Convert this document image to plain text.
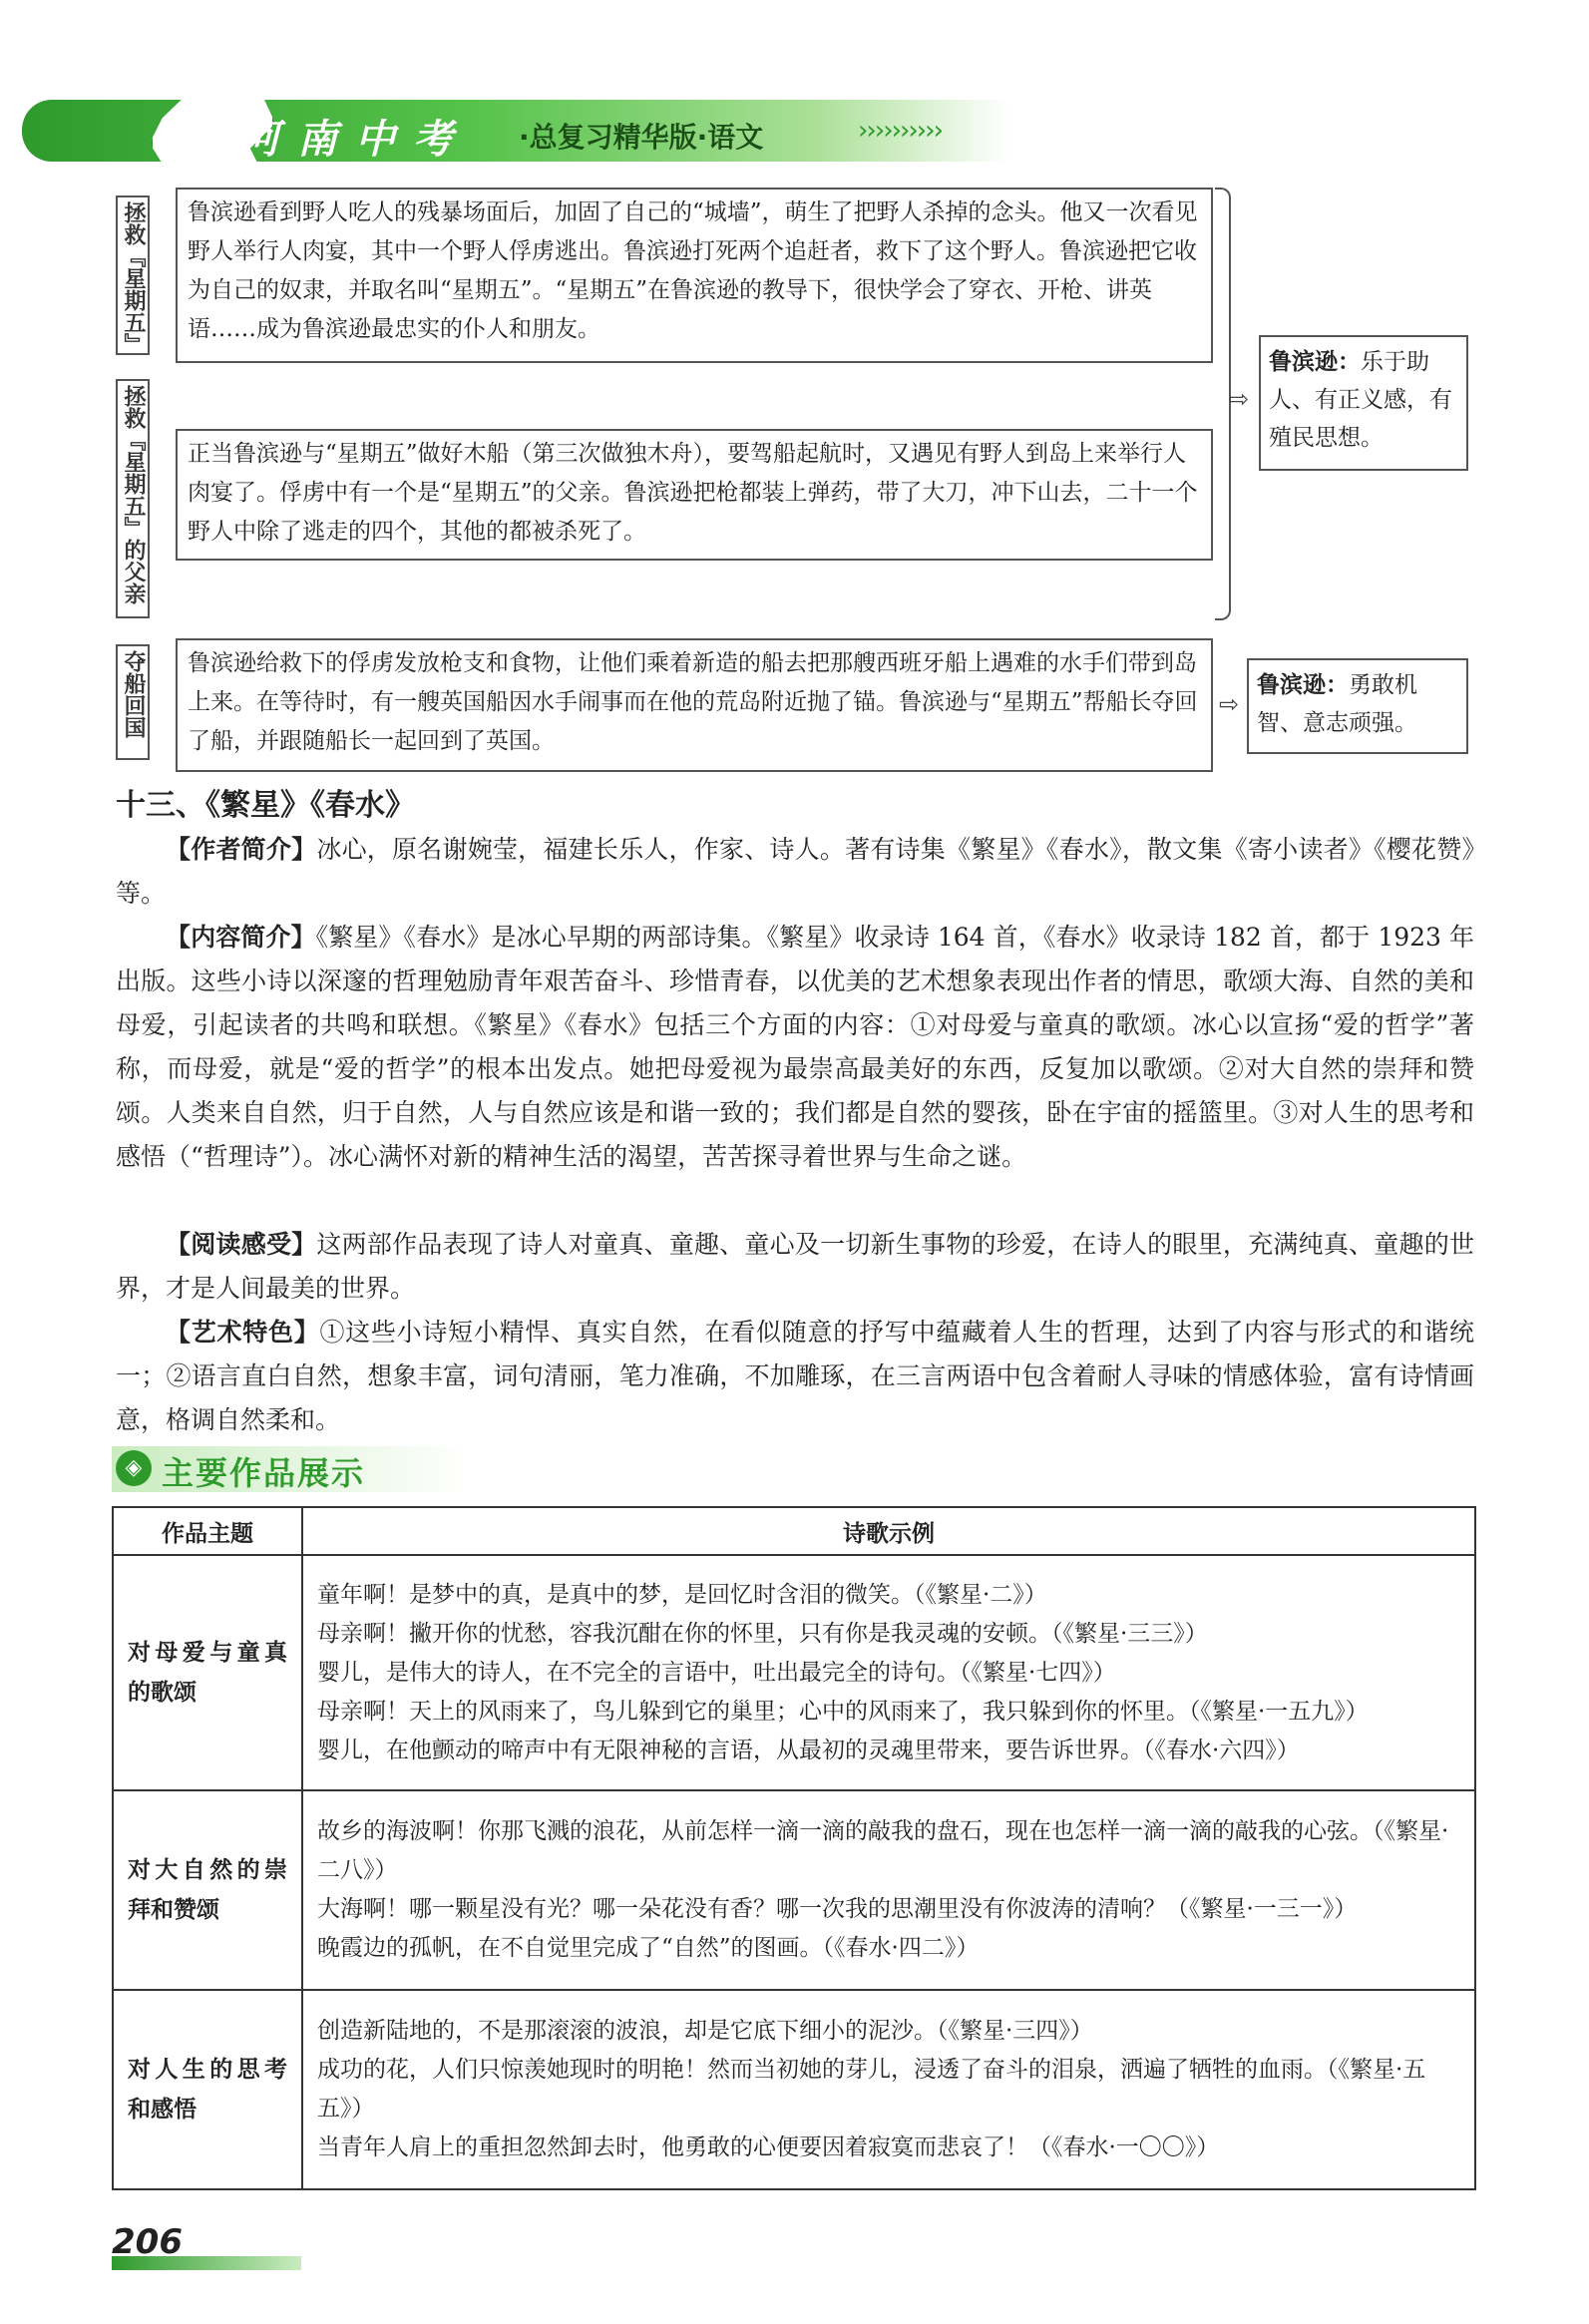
河南中考 ·总复习精华版·语文	››››››››››
拯救『星期五』	鲁滨逊看到野人吃人的残暴场面后，加固了自己的“城墙”，萌生了把野人杀掉的念头。他又一次看见野人举行人肉宴，其中一个野人俘虏逃出。鲁滨逊打死两个追赶者，救下了这个野人。鲁滨逊把它收为自己的奴隶，并取名叫“星期五”。“星期五”在鲁滨逊的教导下，很快学会了穿衣、开枪、讲英语……成为鲁滨逊最忠实的仆人和朋友。
拯救『星期五』的父亲	正当鲁滨逊与“星期五”做好木船（第三次做独木舟），要驾船起航时，又遇见有野人到岛上来举行人肉宴了。俘虏中有一个是“星期五”的父亲。鲁滨逊把枪都装上弹药，带了大刀，冲下山去，二十一个野人中除了逃走的四个，其他的都被杀死了。
⇨
鲁滨逊：乐于助人、有正义感，有殖民思想。
夺船回国	鲁滨逊给救下的俘虏发放枪支和食物，让他们乘着新造的船去把那艘西班牙船上遇难的水手们带到岛上来。在等待时，有一艘英国船因水手闹事而在他的荒岛附近抛了锚。鲁滨逊与“星期五”帮船长夺回了船，并跟随船长一起回到了英国。
⇨
鲁滨逊：勇敢机智、意志顽强。
十三、《繁星》《春水》

【作者简介】冰心，原名谢婉莹，福建长乐人，作家、诗人。著有诗集《繁星》《春水》，散文集《寄小读者》《樱花赞》等。

【内容简介】《繁星》《春水》是冰心早期的两部诗集。《繁星》收录诗 164 首，《春水》收录诗 182 首，都于 1923 年出版。这些小诗以深邃的哲理勉励青年艰苦奋斗、珍惜青春，以优美的艺术想象表现出作者的情思，歌颂大海、自然的美和母爱，引起读者的共鸣和联想。《繁星》《春水》包括三个方面的内容：①对母爱与童真的歌颂。冰心以宣扬“爱的哲学”著称，而母爱，就是“爱的哲学”的根本出发点。她把母爱视为最崇高最美好的东西，反复加以歌颂。②对大自然的崇拜和赞颂。人类来自自然，归于自然，人与自然应该是和谐一致的；我们都是自然的婴孩，卧在宇宙的摇篮里。③对人生的思考和感悟（“哲理诗”）。冰心满怀对新的精神生活的渴望，苦苦探寻着世界与生命之谜。

【阅读感受】这两部作品表现了诗人对童真、童趣、童心及一切新生事物的珍爱，在诗人的眼里，充满纯真、童趣的世界，才是人间最美的世界。

【艺术特色】①这些小诗短小精悍、真实自然，在看似随意的抒写中蕴藏着人生的哲理，达到了内容与形式的和谐统一；②语言直白自然，想象丰富，词句清丽，笔力准确，不加雕琢，在三言两语中包含着耐人寻味的情感体验，富有诗情画意，格调自然柔和。

◈ 主要作品展示
作品主题	诗歌示例
对母爱与童真的歌颂	童年啊！是梦中的真，是真中的梦，是回忆时含泪的微笑。（《繁星·二》）
母亲啊！撇开你的忧愁，容我沉酣在你的怀里，只有你是我灵魂的安顿。（《繁星·三三》）
婴儿，是伟大的诗人，在不完全的言语中，吐出最完全的诗句。（《繁星·七四》）
母亲啊！天上的风雨来了，鸟儿躲到它的巢里；心中的风雨来了，我只躲到你的怀里。（《繁星·一五九》）
婴儿，在他颤动的啼声中有无限神秘的言语，从最初的灵魂里带来，要告诉世界。（《春水·六四》）

对大自然的崇拜和赞颂	故乡的海波啊！你那飞溅的浪花，从前怎样一滴一滴的敲我的盘石，现在也怎样一滴一滴的敲我的心弦。（《繁星·二八》）
大海啊！哪一颗星没有光？哪一朵花没有香？哪一次我的思潮里没有你波涛的清响？（《繁星·一三一》）
晚霞边的孤帆，在不自觉里完成了“自然”的图画。（《春水·四二》）

对人生的思考和感悟	创造新陆地的，不是那滚滚的波浪，却是它底下细小的泥沙。（《繁星·三四》）
成功的花，人们只惊羡她现时的明艳！然而当初她的芽儿，浸透了奋斗的泪泉，洒遍了牺牲的血雨。（《繁星·五五》）
当青年人肩上的重担忽然卸去时，他勇敢的心便要因着寂寞而悲哀了！（《春水·一〇〇》）
206
